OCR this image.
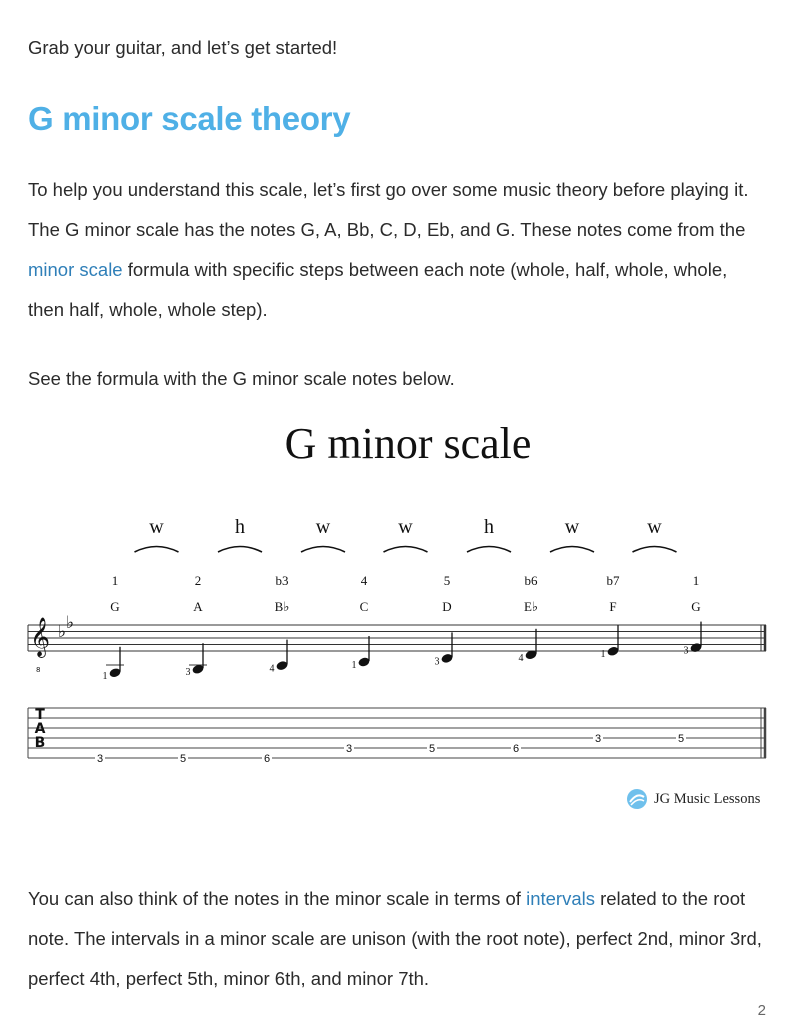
Grab your guitar, and let’s get started!

G minor scale theory

To help you understand this scale, let’s first go over some music theory before playing it. The G minor scale has the notes G, A, Bb, C, D, Eb, and G. These notes come from the minor scale formula with specific steps between each note (whole, half, whole, whole, then half, whole, whole step).

See the formula with the G minor scale notes below.

G minor scale
w	h	w	w	h	w	w
1	2	b3	4	5	b6	b7	1
G	A	B♭	C	D	E♭	F	G
𝄞
8
♭ ♭
1	3	4	1	3	4	1	3
T
A
B
3	5	6
3	5	6
3	5
JG Music Lessons

You can also think of the notes in the minor scale in terms of intervals related to the root note. The intervals in a minor scale are unison (with the root note), perfect 2nd, minor 3rd, perfect 4th, perfect 5th, minor 6th, and minor 7th.

2
